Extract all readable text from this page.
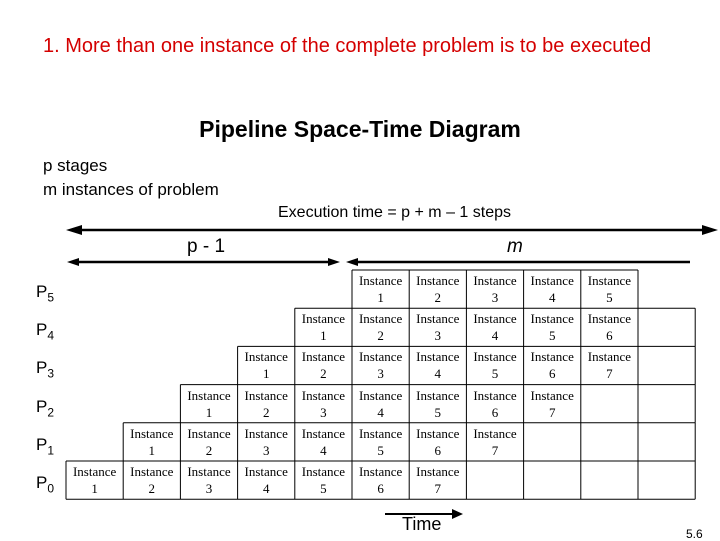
1. More than one instance of the complete problem is to be executed
Pipeline Space-Time Diagram
p stages
m instances of problem
Execution time = p + m – 1 steps
p - 1	m
$P_5$
$P_4$
$P_3$
$P_2$
$P_1$
$P_0$
Instance
1
Instance
2
Instance
3
Instance
4
Instance
5
Instance
1
Instance
2
Instance
3
Instance
4
Instance
5
Instance
6
Instance
1
Instance
2
Instance
3
Instance
4
Instance
5
Instance
6
Instance
7
Instance
1
Instance
2
Instance
3
Instance
4
Instance
5
Instance
6
Instance
7
Instance
1
Instance
2
Instance
3
Instance
4
Instance
5
Instance
6
Instance
7
Instance
1
Instance
2
Instance
3
Instance
4
Instance
5
Instance
6
Instance
7
Time	5.6
